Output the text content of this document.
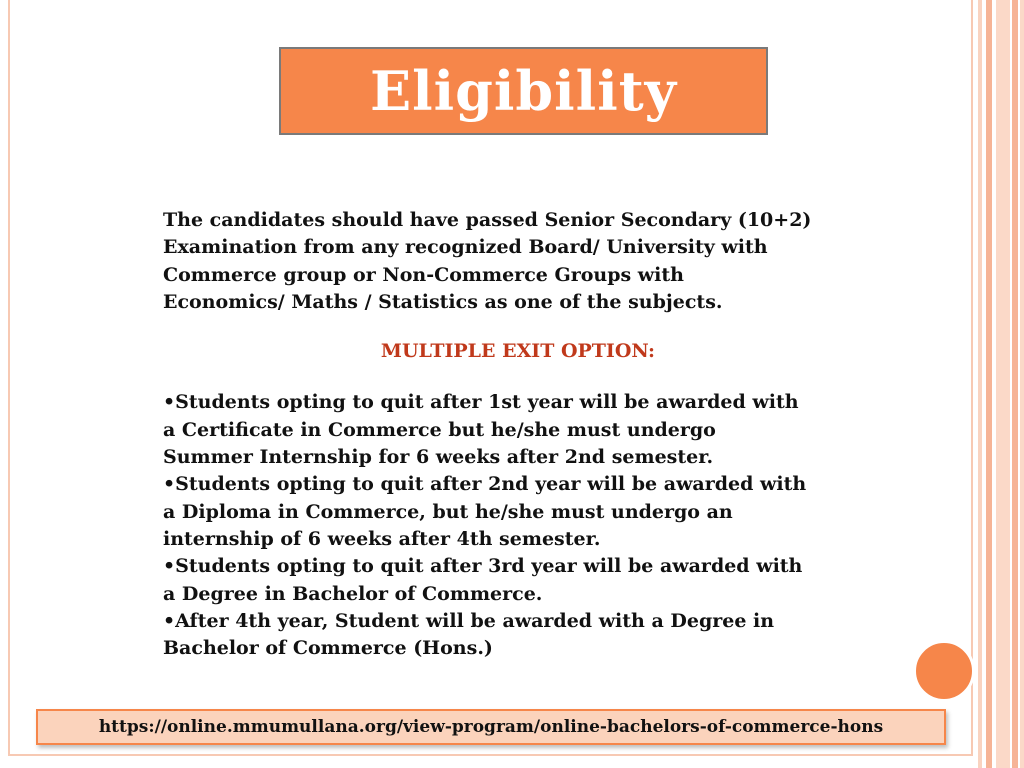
Eligibility
The candidates should have passed Senior Secondary (10+2)
Examination from any recognized Board/ University with
Commerce group or Non-Commerce Groups with
Economics/ Maths / Statistics as one of the subjects.
MULTIPLE EXIT OPTION:
•Students opting to quit after 1st year will be awarded with
a Certificate in Commerce but he/she must undergo
Summer Internship for 6 weeks after 2nd semester.
•Students opting to quit after 2nd year will be awarded with
a Diploma in Commerce, but he/she must undergo an
internship of 6 weeks after 4th semester.
•Students opting to quit after 3rd year will be awarded with
a Degree in Bachelor of Commerce.
•After 4th year, Student will be awarded with a Degree in
Bachelor of Commerce (Hons.)
https://online.mmumullana.org/view-program/online-bachelors-of-commerce-hons
